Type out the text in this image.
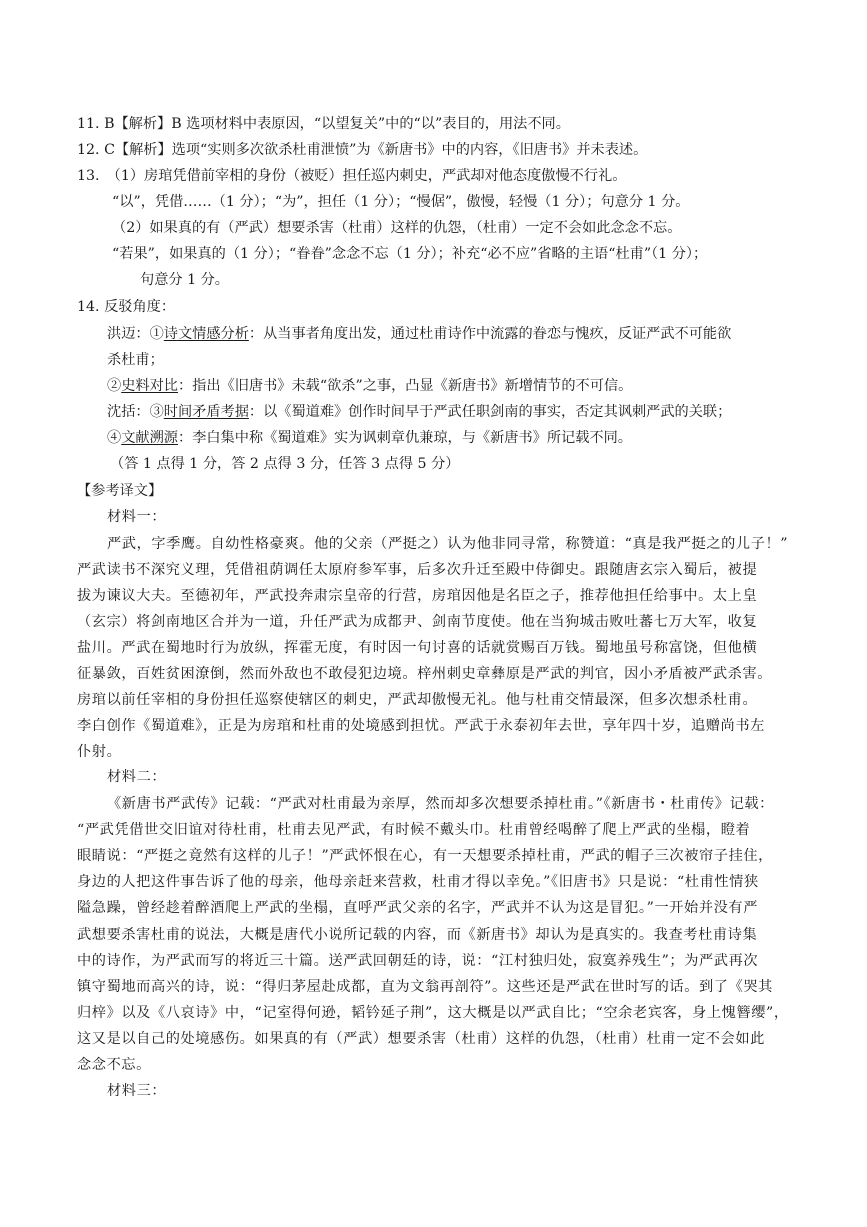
11. B【解析】B 选项材料中表原因，“以望复关”中的“以”表目的，用法不同。
12. C【解析】选项“实则多次欲杀杜甫泄愤”为《新唐书》中的内容，《旧唐书》并未表述。
13.　（1）房琯凭借前宰相的身份（被贬）担任巡内刺史，严武却对他态度傲慢不行礼。
“以”，凭借……（1 分）；“为”，担任（1 分）；“慢倨”，傲慢，轻慢（1 分）；句意分 1 分。
（2）如果真的有（严武）想要杀害（杜甫）这样的仇怨，（杜甫）一定不会如此念念不忘。
“若果”，如果真的（1 分）；“眷眷”念念不忘（1 分）；补充“必不应”省略的主语“杜甫”（1 分）；
句意分 1 分。
14. 反驳角度：
洪迈：①诗文情感分析：从当事者角度出发，通过杜甫诗作中流露的眷恋与愧疚，反证严武不可能欲
杀杜甫；
②史料对比：指出《旧唐书》未载“欲杀”之事，凸显《新唐书》新增情节的不可信。
沈括：③时间矛盾考据：以《蜀道难》创作时间早于严武任职剑南的事实，否定其讽刺严武的关联；
④文献溯源：李白集中称《蜀道难》实为讽刺章仇兼琼，与《新唐书》所记载不同。
（答 1 点得 1 分，答 2 点得 3 分，任答 3 点得 5 分）
【参考译文】
材料一：
严武，字季鹰。自幼性格豪爽。他的父亲（严挺之）认为他非同寻常，称赞道：“真是我严挺之的儿子！”
严武读书不深究义理，凭借祖荫调任太原府参军事，后多次升迁至殿中侍御史。跟随唐玄宗入蜀后，被提
拔为谏议大夫。至德初年，严武投奔肃宗皇帝的行营，房琯因他是名臣之子，推荐他担任给事中。太上皇
（玄宗）将剑南地区合并为一道，升任严武为成都尹、剑南节度使。他在当狗城击败吐蕃七万大军，收复
盐川。严武在蜀地时行为放纵，挥霍无度，有时因一句讨喜的话就赏赐百万钱。蜀地虽号称富饶，但他横
征暴敛，百姓贫困潦倒，然而外敌也不敢侵犯边境。梓州刺史章彝原是严武的判官，因小矛盾被严武杀害。
房琯以前任宰相的身份担任巡察使辖区的刺史，严武却傲慢无礼。他与杜甫交情最深，但多次想杀杜甫。
李白创作《蜀道难》，正是为房琯和杜甫的处境感到担忧。严武于永泰初年去世，享年四十岁，追赠尚书左
仆射。
材料二：
《新唐书严武传》记载：“严武对杜甫最为亲厚，然而却多次想要杀掉杜甫。”《新唐书・杜甫传》记载：
“严武凭借世交旧谊对待杜甫，杜甫去见严武，有时候不戴头巾。杜甫曾经喝醉了爬上严武的坐榻，瞪着
眼睛说：“严挺之竟然有这样的儿子！”严武怀恨在心，有一天想要杀掉杜甫，严武的帽子三次被帘子挂住，
身边的人把这件事告诉了他的母亲，他母亲赶来营救，杜甫才得以幸免。”《旧唐书》只是说：“杜甫性情狭
隘急躁，曾经趁着醉酒爬上严武的坐榻，直呼严武父亲的名字，严武并不认为这是冒犯。”一开始并没有严
武想要杀害杜甫的说法，大概是唐代小说所记载的内容，而《新唐书》却认为是真实的。我查考杜甫诗集
中的诗作，为严武而写的将近三十篇。送严武回朝廷的诗，说：“江村独归处，寂寞养残生”；为严武再次
镇守蜀地而高兴的诗，说：“得归茅屋赴成都，直为文翁再剖符”。这些还是严武在世时写的话。到了《哭其
归梓》以及《八哀诗》中，“记室得何逊，韬钤延子荆”，这大概是以严武自比；“空余老宾客，身上愧簪缨”，
这又是以自己的处境感伤。如果真的有（严武）想要杀害（杜甫）这样的仇怨，（杜甫）杜甫一定不会如此
念念不忘。
材料三：
